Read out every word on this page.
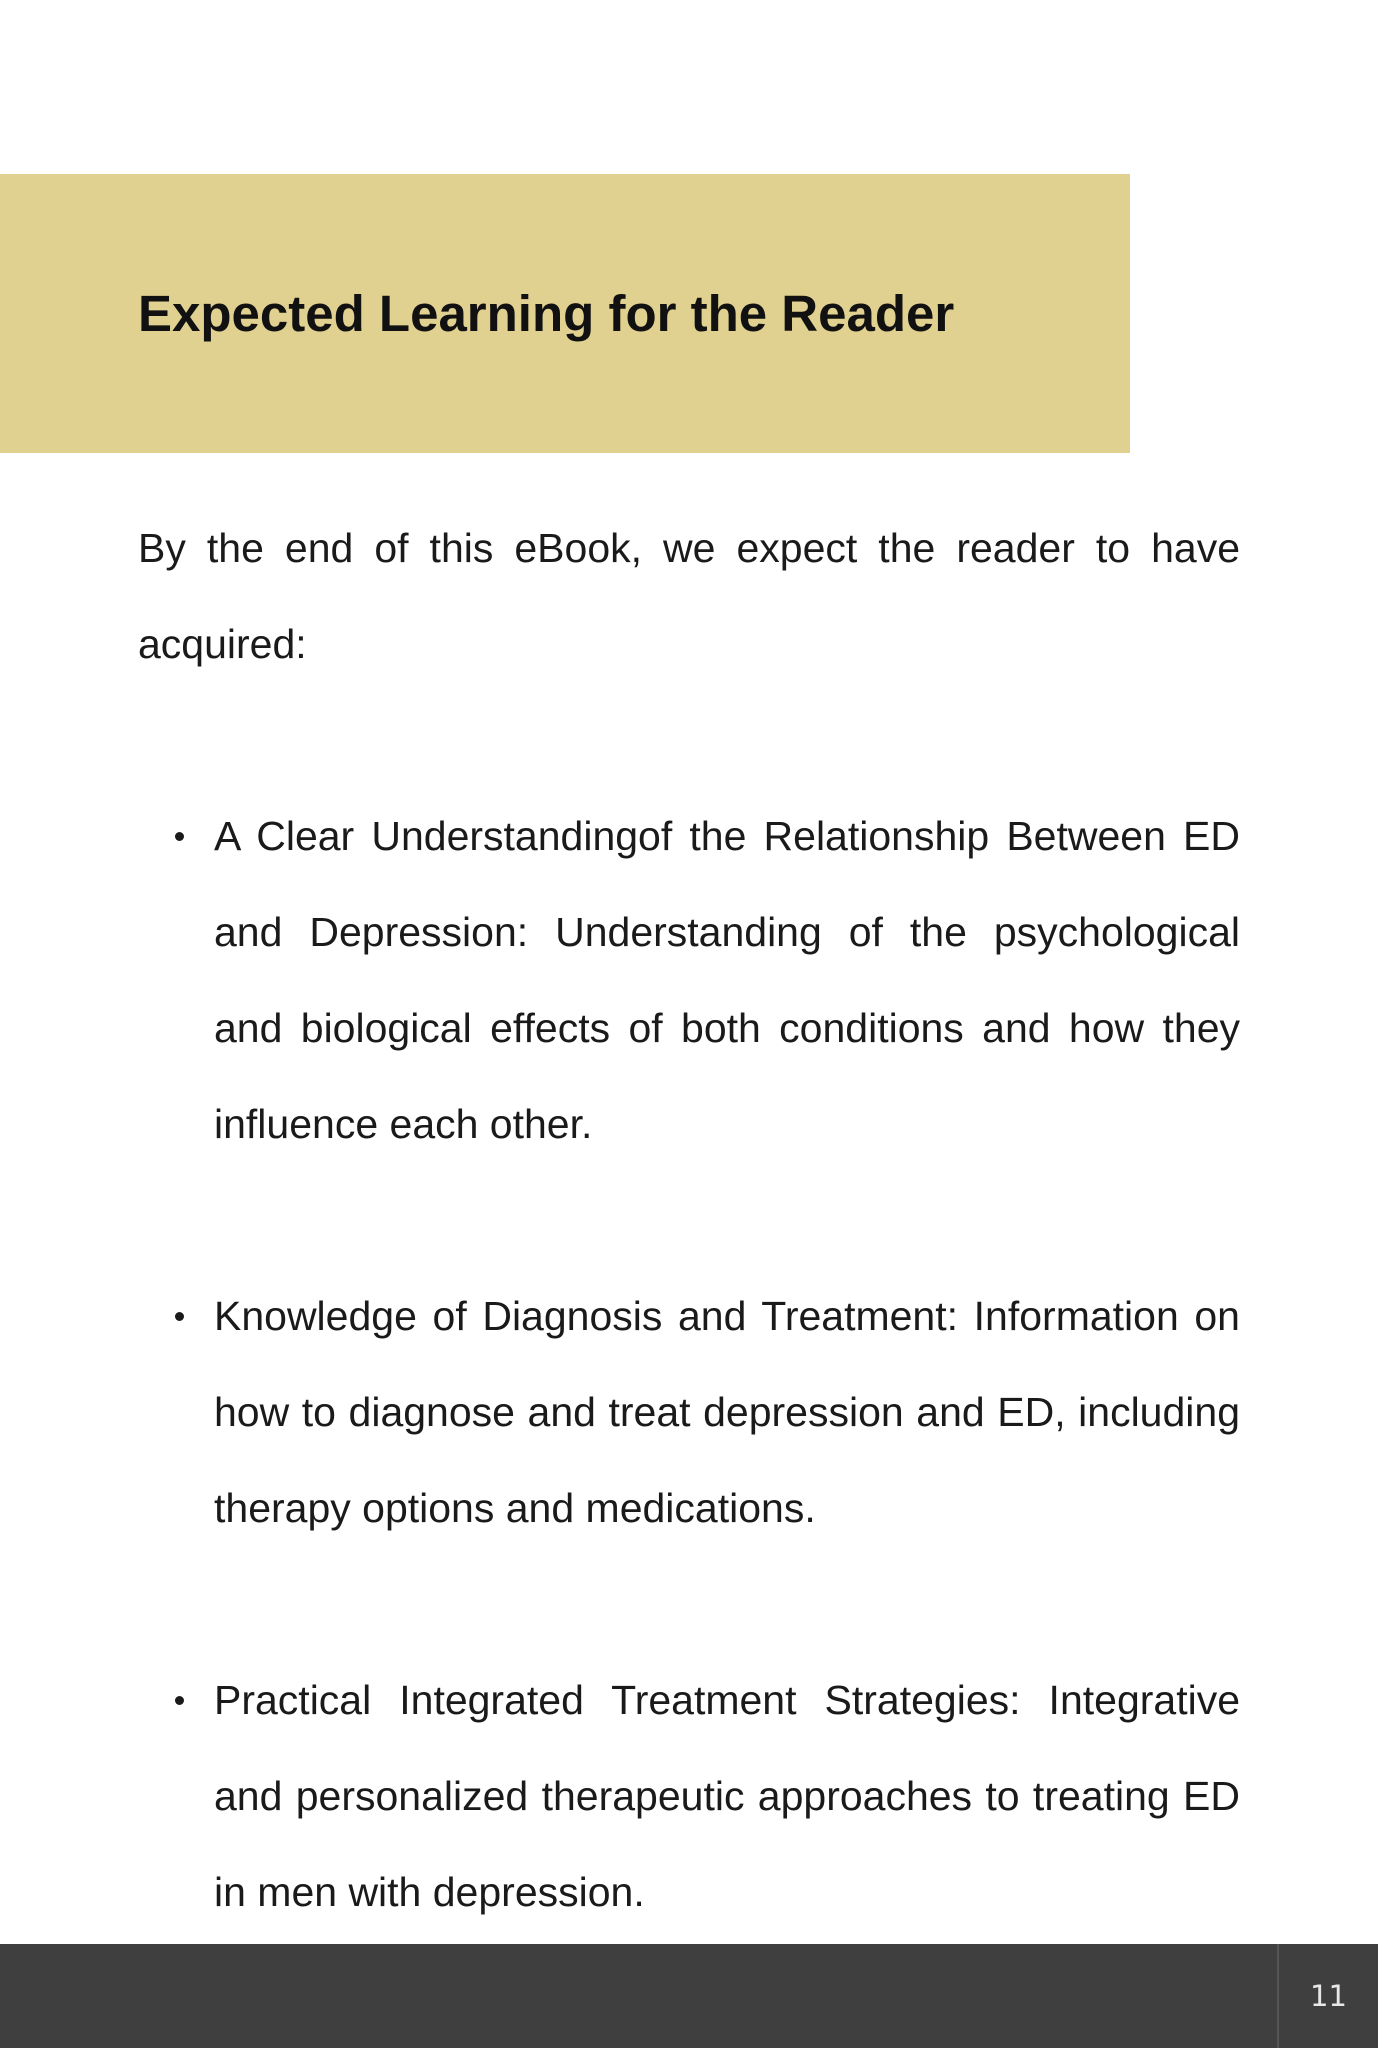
Expected Learning for the Reader

By the end of this eBook, we expect the reader to have acquired:

A Clear Understandingof the Relationship Between ED and Depression: Understanding of the psychological and biological effects of both conditions and how they influence each other.
Knowledge of Diagnosis and Treatment: Information on how to diagnose and treat depression and ED, including therapy options and medications.
Practical Integrated Treatment Strategies: Integrative and personalized therapeutic approaches to treating ED in men with depression.
11
